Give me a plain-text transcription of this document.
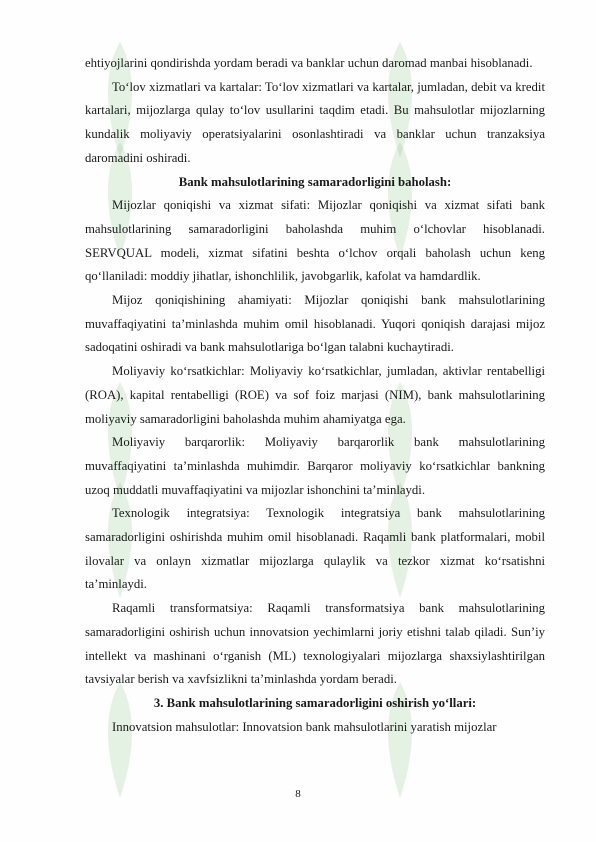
ehtiyojlarini qondirishda yordam beradi va banklar uchun daromad manbai hisoblanadi.

To‘lov xizmatlari va kartalar: To‘lov xizmatlari va kartalar, jumladan, debit va kredit kartalari, mijozlarga qulay to‘lov usullarini taqdim etadi. Bu mahsulotlar mijozlarning kundalik moliyaviy operatsiyalarini osonlashtiradi va banklar uchun tranzaksiya daromadini oshiradi.

Bank mahsulotlarining samaradorligini baholash:

Mijozlar qoniqishi va xizmat sifati: Mijozlar qoniqishi va xizmat sifati bank mahsulotlarining samaradorligini baholashda muhim o‘lchovlar hisoblanadi. SERVQUAL modeli, xizmat sifatini beshta o‘lchov orqali baholash uchun keng qo‘llaniladi: moddiy jihatlar, ishonchlilik, javobgarlik, kafolat va hamdardlik.

Mijoz qoniqishining ahamiyati: Mijozlar qoniqishi bank mahsulotlarining muvaffaqiyatini ta’minlashda muhim omil hisoblanadi. Yuqori qoniqish darajasi mijoz sadoqatini oshiradi va bank mahsulotlariga bo‘lgan talabni kuchaytiradi.

Moliyaviy ko‘rsatkichlar: Moliyaviy ko‘rsatkichlar, jumladan, aktivlar rentabelligi (ROA), kapital rentabelligi (ROE) va sof foiz marjasi (NIM), bank mahsulotlarining moliyaviy samaradorligini baholashda muhim ahamiyatga ega.

Moliyaviy barqarorlik: Moliyaviy barqarorlik bank mahsulotlarining muvaffaqiyatini ta’minlashda muhimdir. Barqaror moliyaviy ko‘rsatkichlar bankning uzoq muddatli muvaffaqiyatini va mijozlar ishonchini ta’minlaydi.

Texnologik integratsiya: Texnologik integratsiya bank mahsulotlarining samaradorligini oshirishda muhim omil hisoblanadi. Raqamli bank platformalari, mobil ilovalar va onlayn xizmatlar mijozlarga qulaylik va tezkor xizmat ko‘rsatishni ta’minlaydi.

Raqamli transformatsiya: Raqamli transformatsiya bank mahsulotlarining samaradorligini oshirish uchun innovatsion yechimlarni joriy etishni talab qiladi. Sun’iy intellekt va mashinani o‘rganish (ML) texnologiyalari mijozlarga shaxsiylashtirilgan tavsiyalar berish va xavfsizlikni ta’minlashda yordam beradi.

3. Bank mahsulotlarining samaradorligini oshirish yo‘llari:

Innovatsion mahsulotlar: Innovatsion bank mahsulotlarini yaratish mijozlar

8
